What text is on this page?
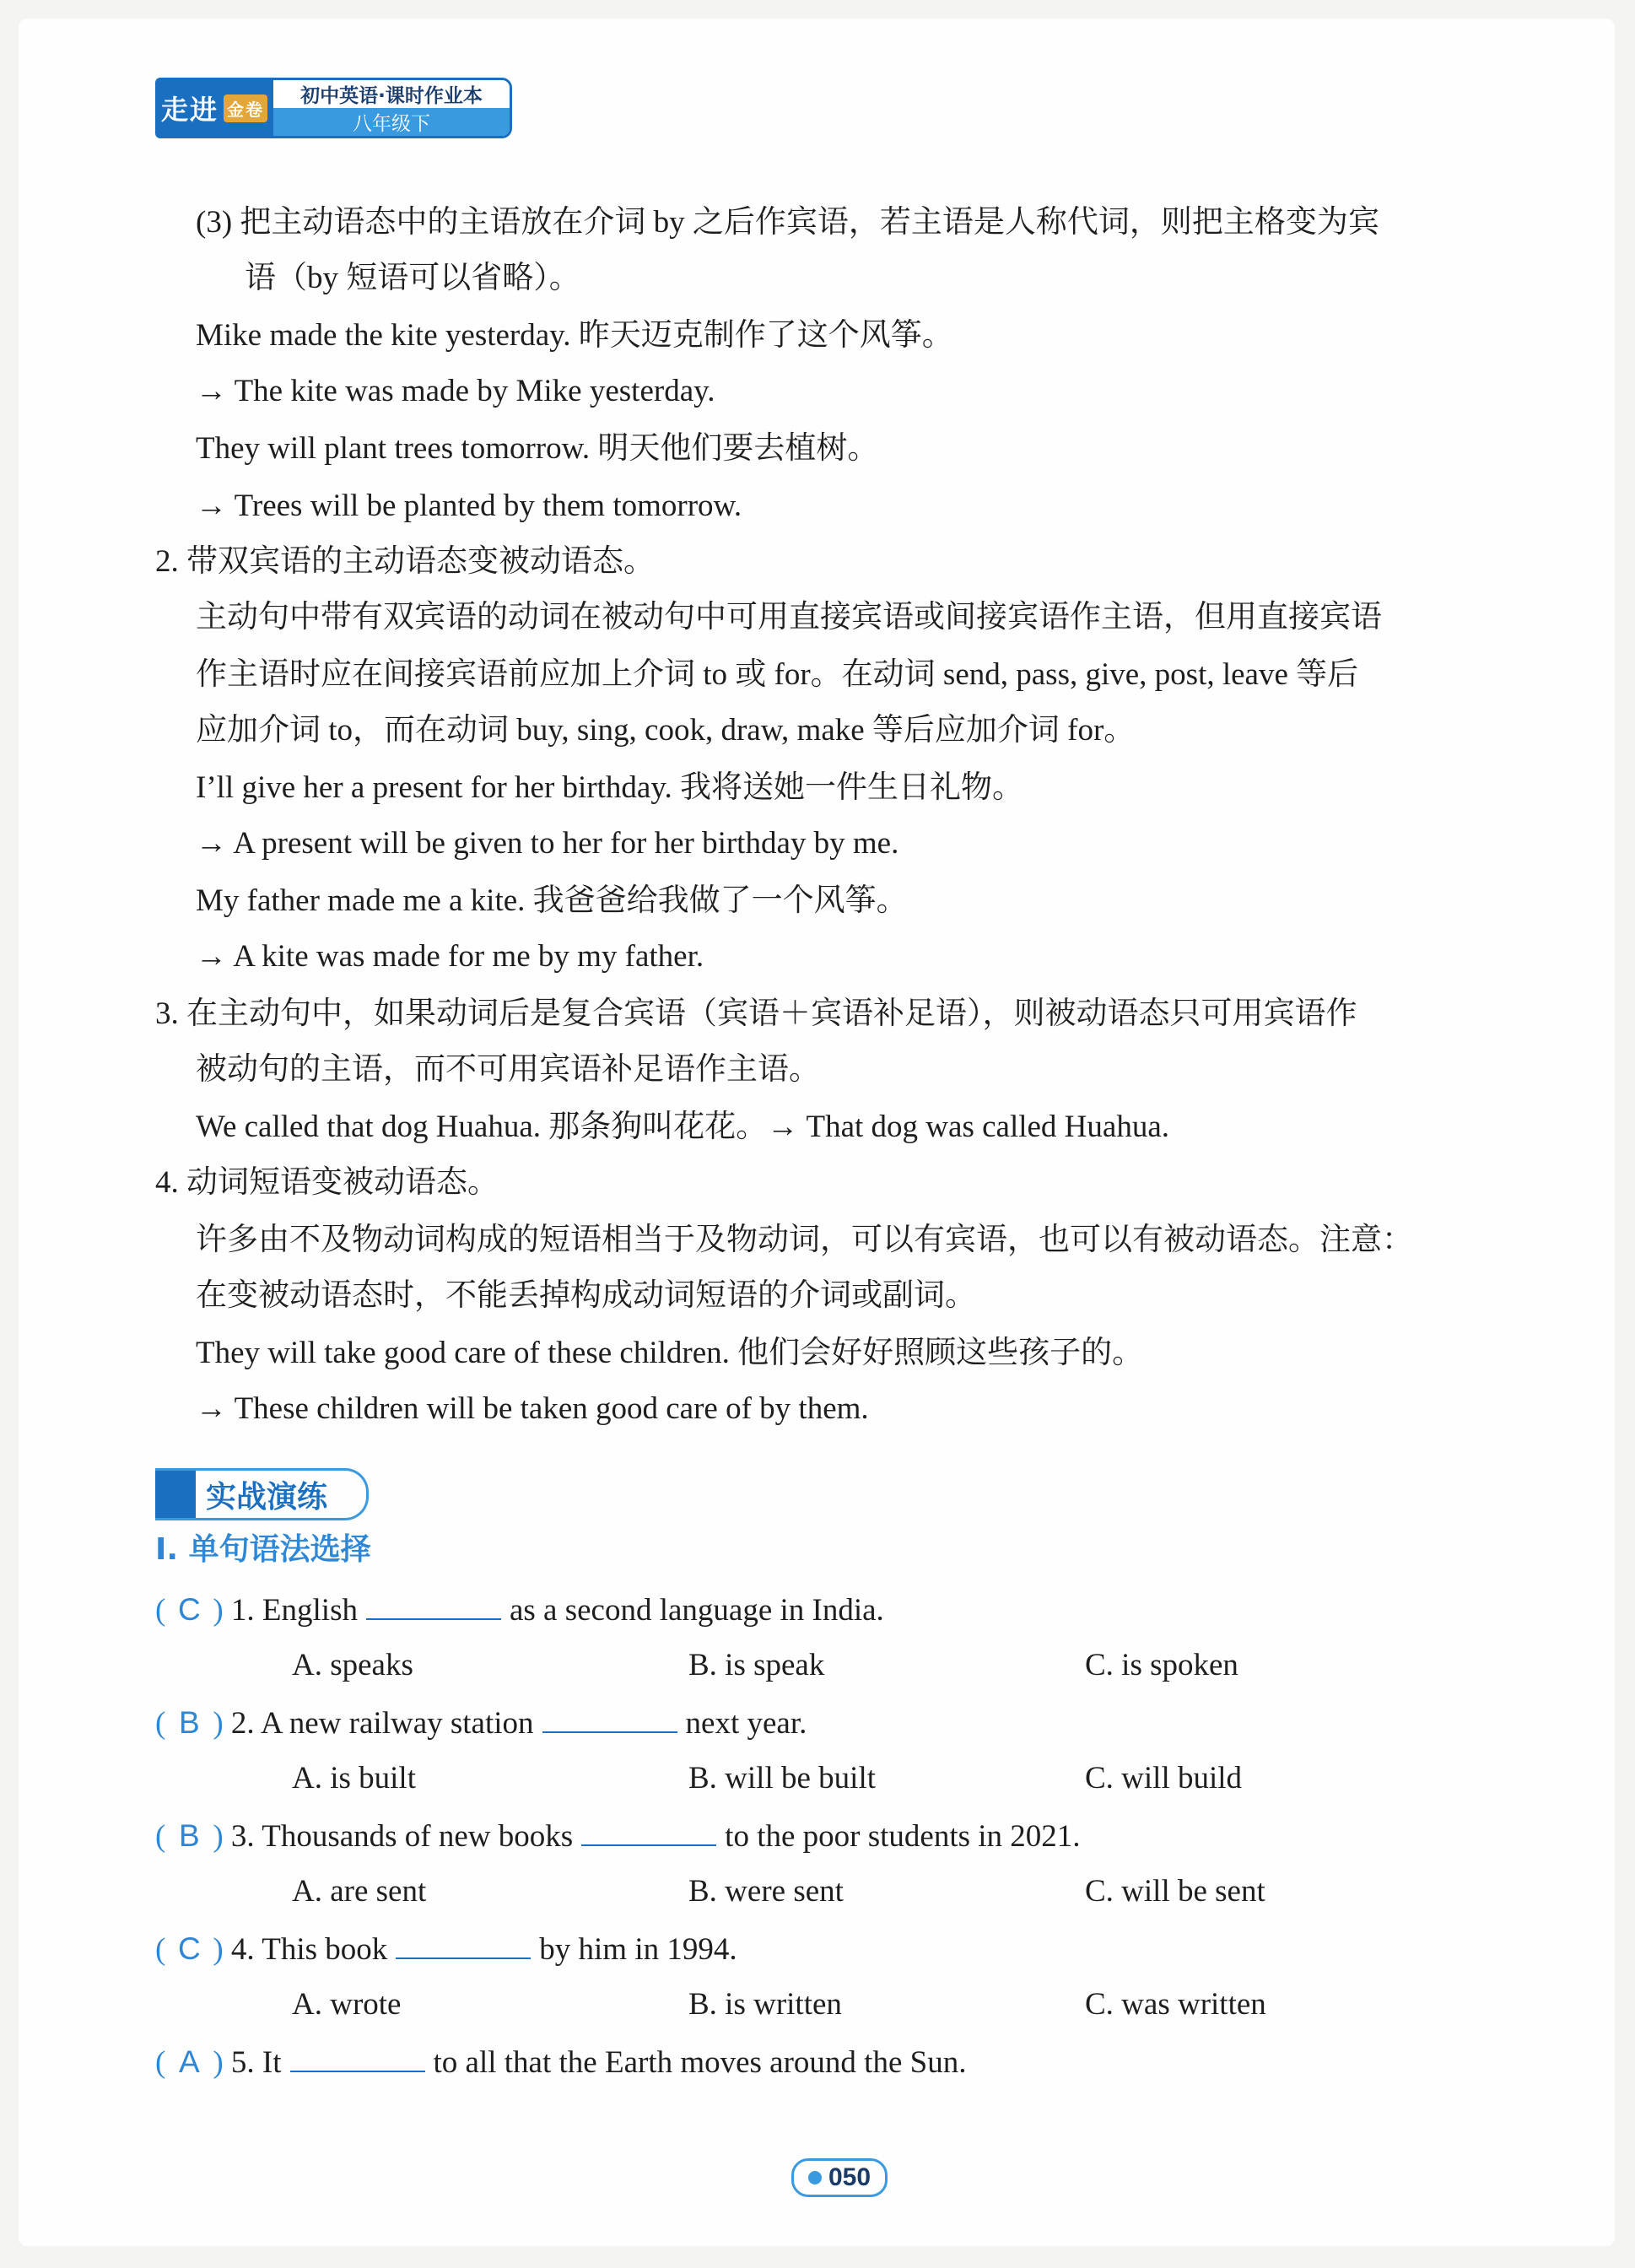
走进 金卷
初中英语·课时作业本
八年级下
(3) 把主动语态中的主语放在介词 by 之后作宾语，若主语是人称代词，则把主格变为宾
语（by 短语可以省略）。
Mike made the kite yesterday. 昨天迈克制作了这个风筝。
→ The kite was made by Mike yesterday.
They will plant trees tomorrow. 明天他们要去植树。
→ Trees will be planted by them tomorrow.
2. 带双宾语的主动语态变被动语态。
主动句中带有双宾语的动词在被动句中可用直接宾语或间接宾语作主语，但用直接宾语
作主语时应在间接宾语前应加上介词 to 或 for。在动词 send, pass, give, post, leave 等后
应加介词 to，而在动词 buy, sing, cook, draw, make 等后应加介词 for。
I’ll give her a present for her birthday. 我将送她一件生日礼物。
→ A present will be given to her for her birthday by me.
My father made me a kite. 我爸爸给我做了一个风筝。
→ A kite was made for me by my father.
3. 在主动句中，如果动词后是复合宾语（宾语＋宾语补足语），则被动语态只可用宾语作
被动句的主语，而不可用宾语补足语作主语。
We called that dog Huahua. 那条狗叫花花。→ That dog was called Huahua.
4. 动词短语变被动语态。
许多由不及物动词构成的短语相当于及物动词，可以有宾语，也可以有被动语态。注意：
在变被动语态时，不能丢掉构成动词短语的介词或副词。
They will take good care of these children. 他们会好好照顾这些孩子的。
→ These children will be taken good care of by them.
实战演练
I. 单句语法选择
( C ) 1. English	as a second language in India.
A. speaks	B. is speak	C. is spoken
( B ) 2. A new railway station	next year.
A. is built	B. will be built	C. will build
( B ) 3. Thousands of new books	to the poor students in 2021.
A. are sent	B. were sent	C. will be sent
( C ) 4. This book	by him in 1994.
A. wrote	B. is written	C. was written
( A ) 5. It	to all that the Earth moves around the Sun.
050
